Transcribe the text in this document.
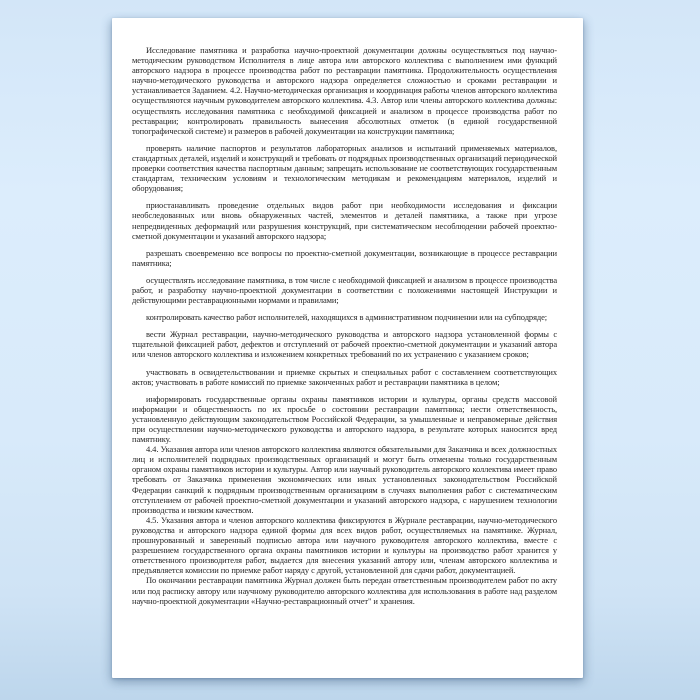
Исследование памятника и разработка научно-проектной документации должны осуществляться под научно- методическим руководством Исполнителя в лице автора или авторского коллектива с выполнением ими функций авторского надзора в процессе производства работ по реставрации памятника. Продолжительность осуществления научно-методического руководства и авторского надзора определяется сложностью и сроками реставрации и устанавливается Заданием. 4.2. Научно-методическая организация и координация работы членов авторского коллектива осуществляются научным руководителем авторского коллектива. 4.3. Автор или члены авторского коллектива должны: осуществлять исследования памятника с необходимой фиксацией и анализом в процессе производства работ по реставрации; контролировать правильность вынесения абсолютных отметок (в единой государственной топографической системе) и размеров в рабочей документации на конструкции памятника;

проверять наличие паспортов и результатов лабораторных анализов и испытаний применяемых материалов, стандартных деталей, изделий и конструкций и требовать от подрядных производственных организаций периодической проверки соответствия качества паспортным данным; запрещать использование не соответствующих государственным стандартам, техническим условиям и технологическим методикам и рекомендациям материалов, изделий и оборудования;

приостанавливать проведение отдельных видов работ при необходимости исследования и фиксации необследованных или вновь обнаруженных частей, элементов и деталей памятника, а также при угрозе непредвиденных деформаций или разрушения конструкций, при систематическом несоблюдении рабочей проектно-сметной документации и указаний авторского надзора;

разрешать своевременно все вопросы по проектно-сметной документации, возникающие в процессе реставрации памятника;

осуществлять исследование памятника, в том числе с необходимой фиксацией и анализом в процессе производства работ, и разработку научно-проектной документации в соответствии с положениями настоящей Инструкции и действующими реставрационными нормами и правилами;

контролировать качество работ исполнителей, находящихся в административном подчинении или на субподряде;

вести Журнал реставрации, научно-методического руководства и авторского надзора установленной формы с тщательной фиксацией работ, дефектов и отступлений от рабочей проектно-сметной документации и указаний автора или членов авторского коллектива и изложением конкретных требований по их устранению с указанием сроков;

участвовать в освидетельствовании и приемке скрытых и специальных работ с составлением соответствующих актов; участвовать в работе комиссий по приемке законченных работ и реставрации памятника в целом;

информировать государственные органы охраны памятников истории и культуры, органы средств массовой информации и общественность по их просьбе о состоянии реставрации памятника; нести ответственность, установленную действующим законодательством Российской Федерации, за умышленные и неправомерные действия при осуществлении научно-методического руководства и авторского надзора, в результате которых наносится вред памятнику.

4.4. Указания автора или членов авторского коллектива являются обязательными для Заказчика и всех должностных лиц и исполнителей подрядных производственных организаций и могут быть отменены только государственным органом охраны памятников истории и культуры. Автор или научный руководитель авторского коллектива имеет право требовать от Заказчика применения экономических или иных установленных законодательством Российской Федерации санкций к подрядным производственным организациям в случаях выполнения работ с систематическим отступлением от рабочей проектно-сметной документации и указаний авторского надзора, с нарушением технологии производства и низким качеством.

4.5. Указания автора и членов авторского коллектива фиксируются в Журнале реставрации, научно-методического руководства и авторского надзора единой формы для всех видов работ, осуществляемых на памятнике. Журнал, прошнурованный и заверенный подписью автора или научного руководителя авторского коллектива, вместе с разрешением государственного органа охраны памятников истории и культуры на производство работ хранится у ответственного производителя работ, выдается для внесения указаний автору или, членам авторского коллектива и предъявляется комиссии по приемке работ наряду с другой, установленной для сдачи работ, документацией.

По окончании реставрации памятника Журнал должен быть передан ответственным производителем работ по акту или под расписку автору или научному руководителю авторского коллектива для использования в работе над разделом научно-проектной документации «Научно-реставрационный отчет" и хранения.
